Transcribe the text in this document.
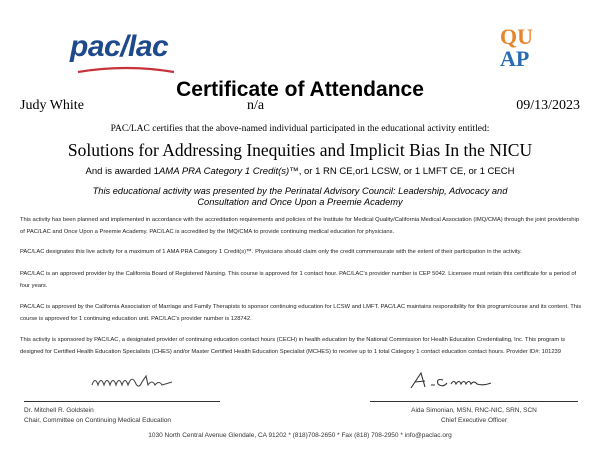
pac/lac	QU
AP
Certificate of Attendance
Judy White	n/a	09/13/2023
PAC/LAC certifies that the above-named individual participated in the educational activity entitled:
Solutions for Addressing Inequities and Implicit Bias In the NICU
And is awarded 1AMA PRA Category 1 Credit(s)™, or 1 RN CE,or1 LCSW, or 1 LMFT CE, or 1 CECH
This educational activity was presented by the Perinatal Advisory Council: Leadership, Advocacy and Consultation and Once Upon a Preemie Academy
This activity has been planned and implemented in accordance with the accreditation requirements and policies of the Institute for Medical Quality/California Medical Association (IMQ/CMA) through the joint providership of PAC/LAC and Once Upon a Preemie Academy. PAC/LAC is accredited by the IMQ/CMA to provide continuing medical education for physicians.
PAC/LAC designates this live activity for a maximum of 1 AMA PRA Category 1 Credit(s)™. Physicians should claim only the credit commensurate with the extent of their participation in the activity.
PAC/LAC is an approved provider by the California Board of Registered Nursing. This course is approved for 1 contact hour. PAC/LAC's provider number is CEP 5042. Licensee must retain this certificate for a period of four years.
PAC/LAC is approved by the California Association of Marriage and Family Therapists to sponsor continuing education for LCSW and LMFT. PAC/LAC maintains responsibility for this program/course and its content. This course is approved for 1 continuing education unit. PAC/LAC's provider number is 128742.
This activity is sponsored by PAC/LAC, a designated provider of continuing education contact hours (CECH) in health education by the National Commission for Health Education Credentialing, Inc. This program is designed for Certified Health Education Specialists (CHES) and/or Master Certified Health Education Specialist (MCHES) to receive up to 1 total Category 1 contact education contact hours. Provider ID#: 101239
Dr. Mitchell R. Goldstein
Chair, Committee on Continuing Medical Education
Aida Simonian, MSN, RNC-NIC, SRN, SCN
Chief Executive Officer
1030 North Central Avenue Glendale, CA 91202 * (818)708-2650 * Fax (818) 708-2950 * info@paclac.org
